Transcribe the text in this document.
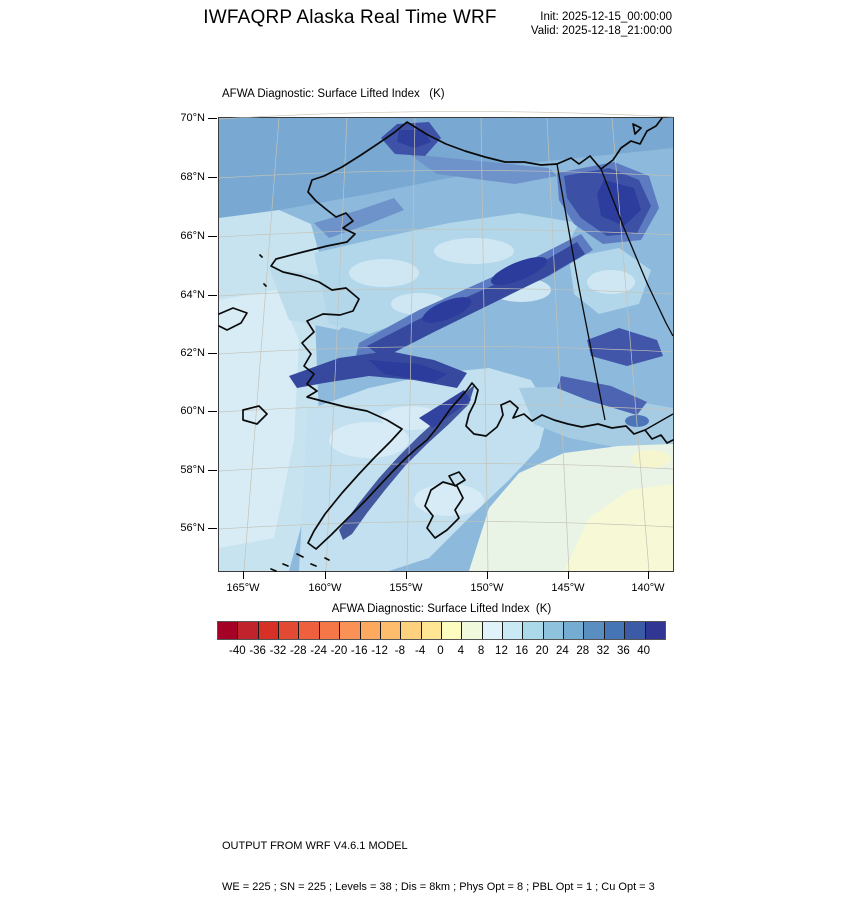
IWFAQRP Alaska Real Time WRF	Init: 2025-12-15_00:00:00
Valid: 2025-12-18_21:00:00
AFWA Diagnostic: Surface Lifted Index   (K)
70°N
68°N
66°N
64°N
62°N
60°N
58°N
56°N
165°W	160°W	155°W	150°W	145°W	140°W
AFWA Diagnostic: Surface Lifted Index  (K)
-40 -36 -32 -28 -24 -20 -16 -12 -8 -4	0	4	8 12 16 20 24 28 32 36 40

OUTPUT FROM WRF V4.6.1 MODEL

WE = 225 ; SN = 225 ; Levels = 38 ; Dis = 8km ; Phys Opt = 8 ; PBL Opt = 1 ; Cu Opt = 3
